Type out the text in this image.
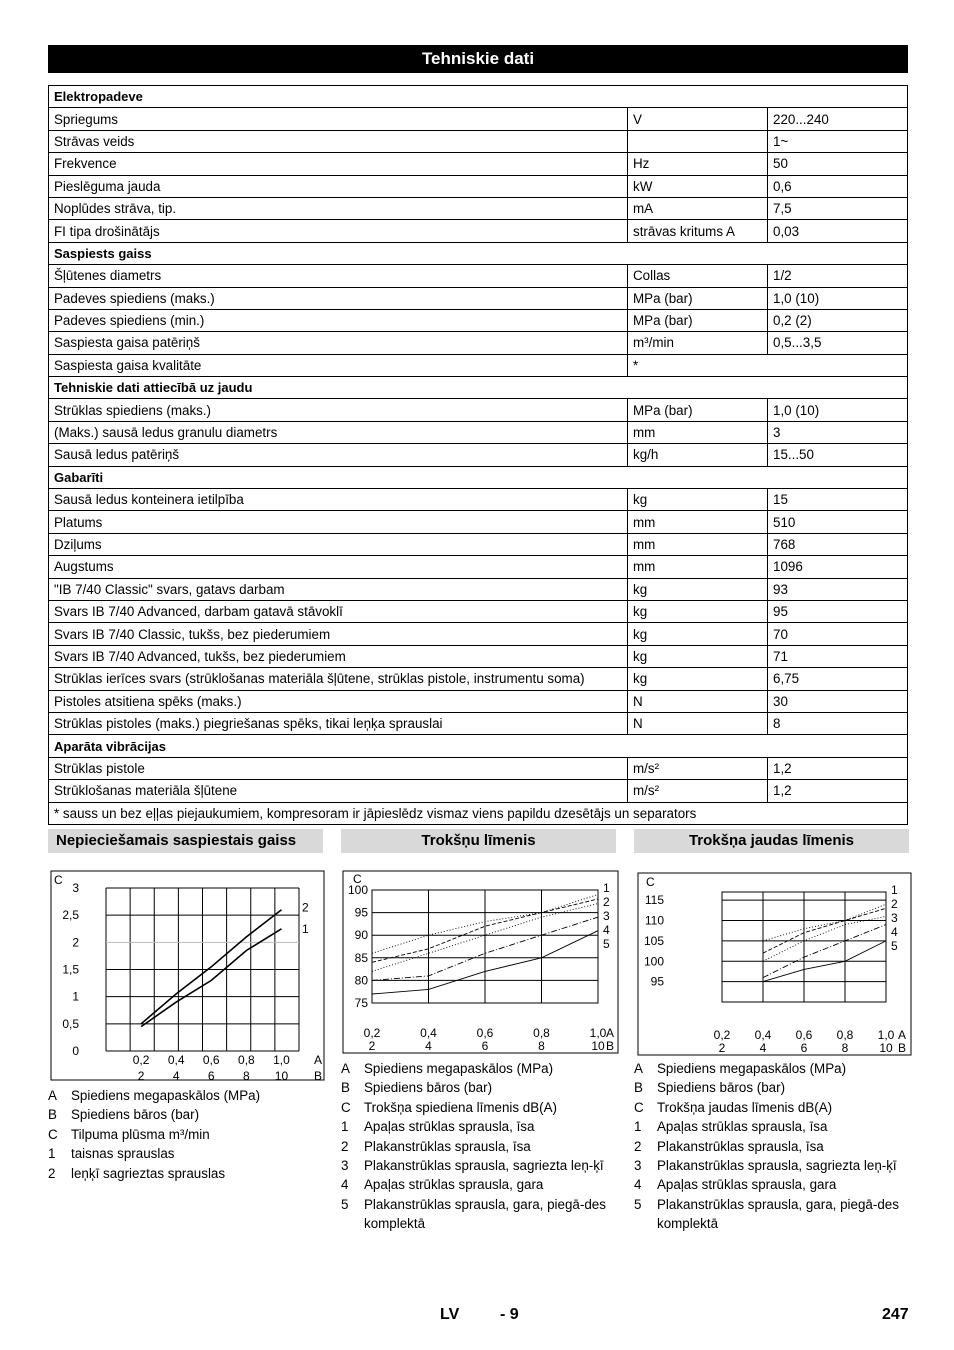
Tehniskie dati
Elektropadeve		
Spriegums	V	220...240
Strāvas veids		1~
Frekvence	Hz	50
Pieslēguma jauda	kW	0,6
Noplūdes strāva, tip.	mA	7,5
FI tipa drošinātājs	strāvas kritums A	0,03
Saspiests gaiss		
Šļūtenes diametrs	Collas	1/2
Padeves spiediens (maks.)	MPa (bar)	1,0 (10)
Padeves spiediens (min.)	MPa (bar)	0,2 (2)
Saspiesta gaisa patēriņš	m³/min	0,5...3,5
Saspiesta gaisa kvalitāte	*	
Tehniskie dati attiecībā uz jaudu		
Strūklas spiediens (maks.)	MPa (bar)	1,0 (10)
(Maks.) sausā ledus granulu diametrs	mm	3
Sausā ledus patēriņš	kg/h	15...50
Gabarīti		
Sausā ledus konteinera ietilpība	kg	15
Platums	mm	510
Dziļums	mm	768
Augstums	mm	1096
"IB 7/40 Classic" svars, gatavs darbam	kg	93
Svars IB 7/40 Advanced, darbam gatavā stāvoklī	kg	95
Svars IB 7/40 Classic, tukšs, bez piederumiem	kg	70
Svars IB 7/40 Advanced, tukšs, bez piederumiem	kg	71
Strūklas ierīces svars (strūklošanas materiāla šļūtene, strūklas pistole, instrumentu soma)	kg	6,75
Pistoles atsitiena spēks (maks.)	N	30
Strūklas pistoles (maks.) piegriešanas spēks, tikai leņķa sprauslai	N	8
Aparāta vibrācijas		
Strūklas pistole	m/s²	1,2
Strūklošanas materiāla šļūtene	m/s²	1,2
* sauss un bez eļļas piejaukumiem, kompresoram ir jāpieslēdz vismaz viens papildu dzesētājs un separators		
Nepieciešamais saspiestais gaiss	Trokšņu līmenis	Trokšņa jaudas līmenis
0
0,5
1
1,5
2
2,5
3
C
0,2
2
0,4
4
0,6
6
0,8
8
1,0
10
A
B
2
1
75
80
85
90
95
100
C
0,2
2
0,4
4
0,6
6
0,8
8
1,0
10
A
B
1
2
3
4
5
95
100
105
110
115
C
0,2
2
0,4
4
0,6
6
0,8
8
1,0
10
A
B
1
2
3
4
5
A	Spiediens megapaskālos (MPa)
B	Spiediens bāros (bar)
C Tilpuma plūsma m³/min
1	taisnas sprauslas
2	leņķī sagrieztas sprauslas
A	Spiediens megapaskālos (MPa)
B	Spiediens bāros (bar)
C Trokšņa spiediena līmenis dB(A)
1	Apaļas strūklas sprausla, īsa
2	Plakanstrūklas sprausla, īsa
3	Plakanstrūklas sprausla, sagriezta leņ-ķī
4	Apaļas strūklas sprausla, gara
5	Plakanstrūklas sprausla, gara, piegā-des komplektā
A	Spiediens megapaskālos (MPa)
B	Spiediens bāros (bar)
C Trokšņa jaudas līmenis dB(A)
1	Apaļas strūklas sprausla, īsa
2	Plakanstrūklas sprausla, īsa
3	Plakanstrūklas sprausla, sagriezta leņ-ķī
4	Apaļas strūklas sprausla, gara
5	Plakanstrūklas sprausla, gara, piegā-des komplektā
LV	- 9	247
